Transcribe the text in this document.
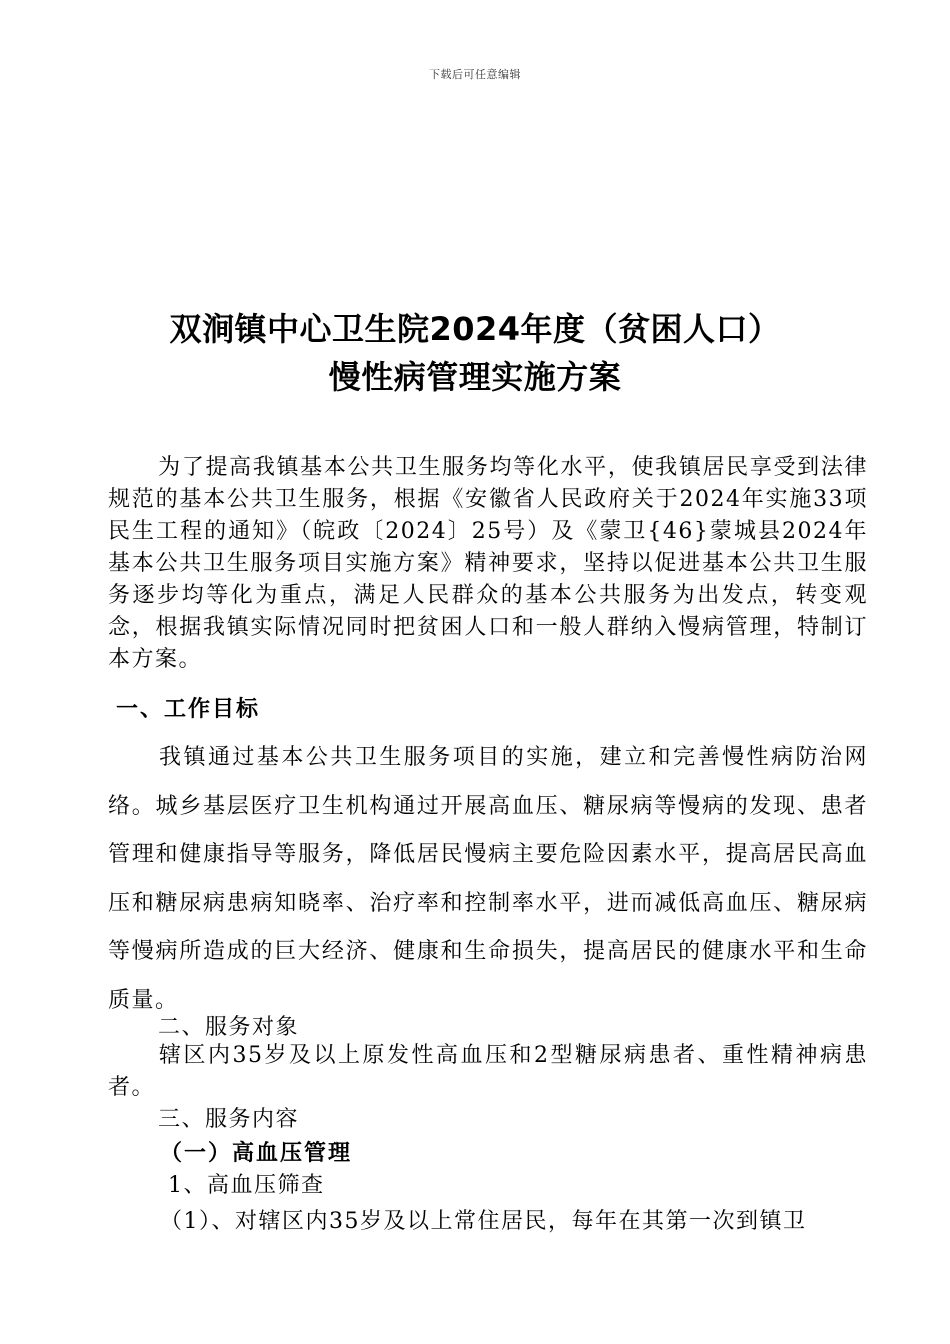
下载后可任意编辑
双涧镇中心卫生院2024年度（贫困人口）
慢性病管理实施方案

为了提高我镇基本公共卫生服务均等化水平，使我镇居民享受到法律规范的基本公共卫生服务，根据《安徽省人民政府关于2024年实施33项民生工程的通知》（皖政〔2024〕25号）及《蒙卫{46}蒙城县2024年基本公共卫生服务项目实施方案》精神要求，坚持以促进基本公共卫生服务逐步均等化为重点，满足人民群众的基本公共服务为出发点，转变观念，根据我镇实际情况同时把贫困人口和一般人群纳入慢病管理，特制订本方案。

一、工作目标

我镇通过基本公共卫生服务项目的实施，建立和完善慢性病防治网络。城乡基层医疗卫生机构通过开展高血压、糖尿病等慢病的发现、患者管理和健康指导等服务，降低居民慢病主要危险因素水平，提高居民高血压和糖尿病患病知晓率、治疗率和控制率水平，进而减低高血压、糖尿病等慢病所造成的巨大经济、健康和生命损失，提高居民的健康水平和生命质量。

二、服务对象

辖区内35岁及以上原发性高血压和2型糖尿病患者、重性精神病患者。

三、服务内容
（一）高血压管理
1、高血压筛查
（1）、对辖区内35岁及以上常住居民，每年在其第一次到镇卫
